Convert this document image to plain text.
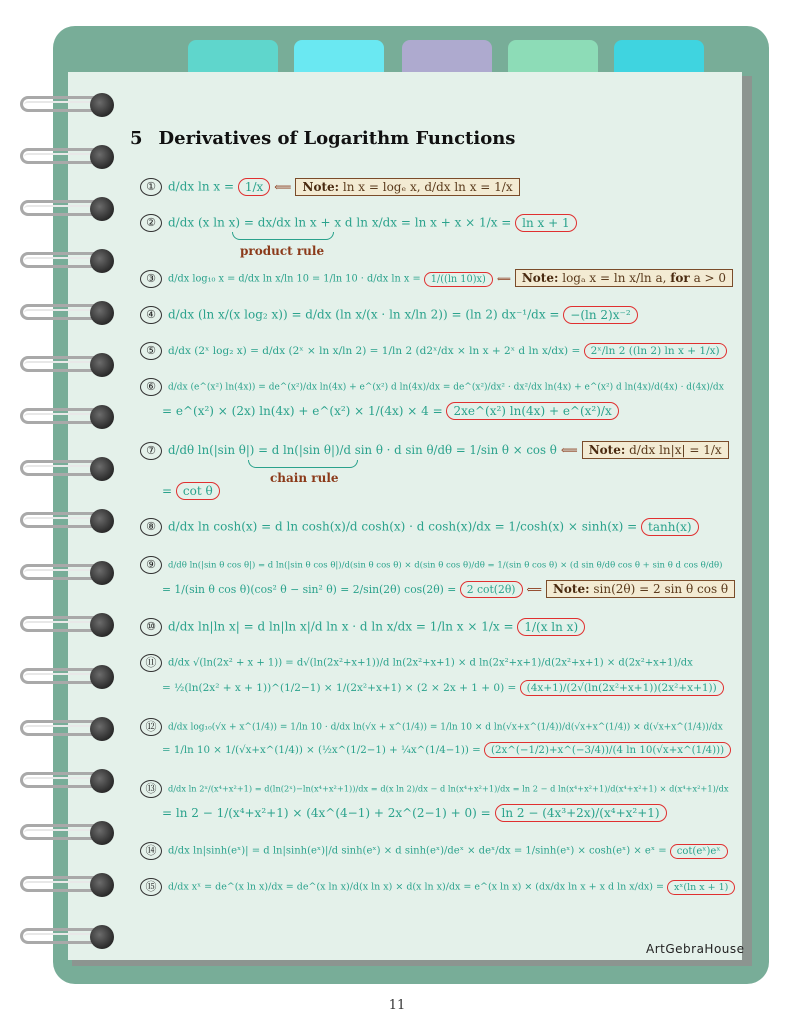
5 Derivatives of Logarithm Functions
① d/dx ln x = 1/x ⟸ Note: ln x = logₑ x, d/dx ln x = 1/x
② d/dx (x ln x) = dx/dx ln x + x d ln x/dx = ln x + x × 1/x = ln x + 1
product rule
③ d/dx log₁₀ x = d/dx ln x/ln 10 = 1/ln 10 · d/dx ln x = 1/((ln 10)x) ⟸ Note: logₐ x = ln x/ln a, for a > 0
④ d/dx (ln x/(x log₂ x)) = d/dx (ln x/(x · ln x/ln 2)) = (ln 2) dx⁻¹/dx = −(ln 2)x⁻²
⑤ d/dx (2ˣ log₂ x) = d/dx (2ˣ × ln x/ln 2) = 1/ln 2 (d2ˣ/dx × ln x + 2ˣ d ln x/dx) = 2ˣ/ln 2 ((ln 2) ln x + 1/x)
⑥ d/dx (e^(x²) ln(4x)) = de^(x²)/dx ln(4x) + e^(x²) d ln(4x)/dx = de^(x²)/dx² · dx²/dx ln(4x) + e^(x²) d ln(4x)/d(4x) · d(4x)/dx
= e^(x²) × (2x) ln(4x) + e^(x²) × 1/(4x) × 4 = 2xe^(x²) ln(4x) + e^(x²)/x
⑦ d/dθ ln(|sin θ|) = d ln(|sin θ|)/d sin θ · d sin θ/dθ = 1/sin θ × cos θ ⟸ Note: d/dx ln|x| = 1/x
chain rule
= cot θ
⑧ d/dx ln cosh(x) = d ln cosh(x)/d cosh(x) · d cosh(x)/dx = 1/cosh(x) × sinh(x) = tanh(x)
⑨ d/dθ ln(|sin θ cos θ|) = d ln(|sin θ cos θ|)/d(sin θ cos θ) × d(sin θ cos θ)/dθ = 1/(sin θ cos θ) × (d sin θ/dθ cos θ + sin θ d cos θ/dθ)
= 1/(sin θ cos θ)(cos² θ − sin² θ) = 2/sin(2θ) cos(2θ) = 2 cot(2θ) ⟸ Note: sin(2θ) = 2 sin θ cos θ
⑩ d/dx ln|ln x| = d ln|ln x|/d ln x · d ln x/dx = 1/ln x × 1/x = 1/(x ln x)
⑪ d/dx √(ln(2x² + x + 1)) = d√(ln(2x²+x+1))/d ln(2x²+x+1) × d ln(2x²+x+1)/d(2x²+x+1) × d(2x²+x+1)/dx
= ½(ln(2x² + x + 1))^(1/2−1) × 1/(2x²+x+1) × (2 × 2x + 1 + 0) = (4x+1)/(2√(ln(2x²+x+1))(2x²+x+1))
⑫ d/dx log₁₀(√x + x^(1/4)) = 1/ln 10 · d/dx ln(√x + x^(1/4)) = 1/ln 10 × d ln(√x+x^(1/4))/d(√x+x^(1/4)) × d(√x+x^(1/4))/dx
= 1/ln 10 × 1/(√x+x^(1/4)) × (½x^(1/2−1) + ¼x^(1/4−1)) = (2x^(−1/2)+x^(−3/4))/(4 ln 10(√x+x^(1/4)))
⑬ d/dx ln 2ˣ/(x⁴+x²+1) = d(ln(2ˣ)−ln(x⁴+x²+1))/dx = d(x ln 2)/dx − d ln(x⁴+x²+1)/dx = ln 2 − d ln(x⁴+x²+1)/d(x⁴+x²+1) × d(x⁴+x²+1)/dx
= ln 2 − 1/(x⁴+x²+1) × (4x^(4−1) + 2x^(2−1) + 0) = ln 2 − (4x³+2x)/(x⁴+x²+1)
⑭ d/dx ln|sinh(eˣ)| = d ln|sinh(eˣ)|/d sinh(eˣ) × d sinh(eˣ)/deˣ × deˣ/dx = 1/sinh(eˣ) × cosh(eˣ) × eˣ = cot(eˣ)eˣ
⑮ d/dx xˣ = de^(x ln x)/dx = de^(x ln x)/d(x ln x) × d(x ln x)/dx = e^(x ln x) × (dx/dx ln x + x d ln x/dx) = xˣ(ln x + 1)
ArtGebraHouse
11
